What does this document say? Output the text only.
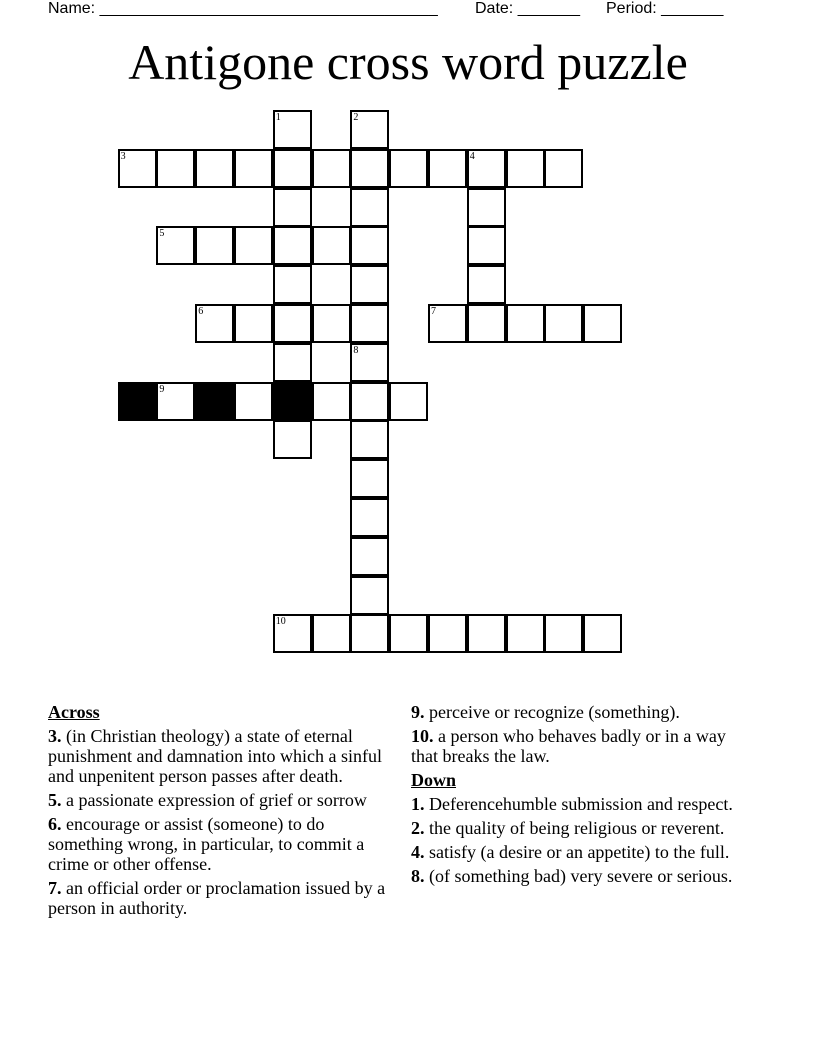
Name: ______________________________________ Date: _______ Period: _______
Antigone cross word puzzle
1	2
3	4
5
6	7
8
9
10
Across
3. (in Christian theology) a state of eternal punishment and damnation into which a sinful and unpenitent person passes after death.
5. a passionate expression of grief or sorrow
6. encourage or assist (someone) to do something wrong, in particular, to commit a crime or other offense.
7. an official order or proclamation issued by a person in authority.
9. perceive or recognize (something).
10. a person who behaves badly or in a way that breaks the law.
Down
1. Deferencehumble submission and respect.
2. the quality of being religious or reverent.
4. satisfy (a desire or an appetite) to the full.
8. (of something bad) very severe or serious.
